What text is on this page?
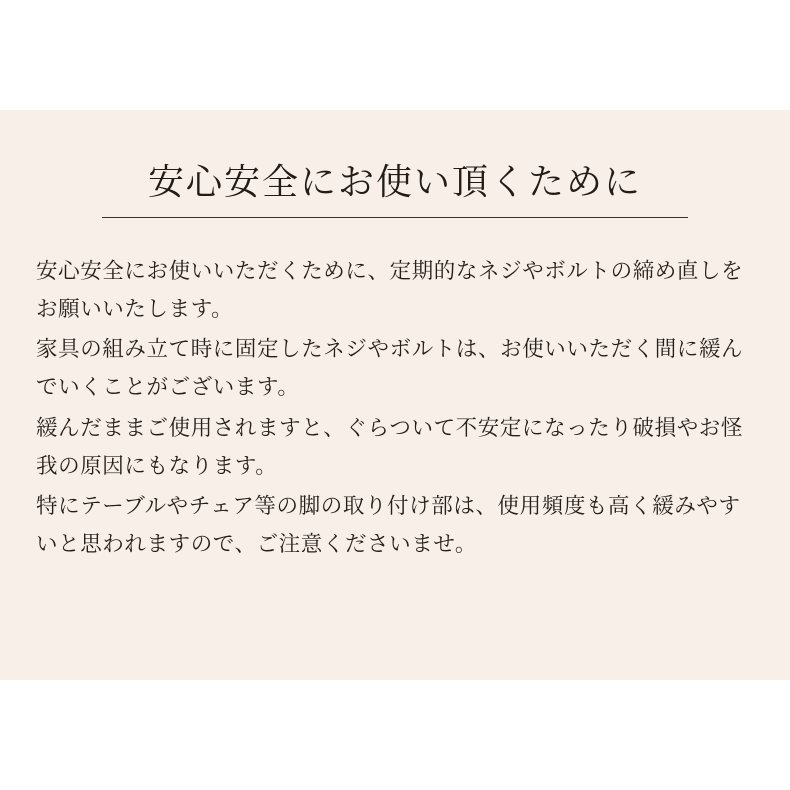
安心安全にお使い頂くために

安心安全にお使いいただくために、定期的なネジやボルトの締め直しをお願いいたします。

家具の組み立て時に固定したネジやボルトは、お使いいただく間に緩んでいくことがございます。

緩んだままご使用されますと、ぐらついて不安定になったり破損やお怪我の原因にもなります。

特にテーブルやチェア等の脚の取り付け部は、使用頻度も高く緩みやすいと思われますので、ご注意くださいませ。
